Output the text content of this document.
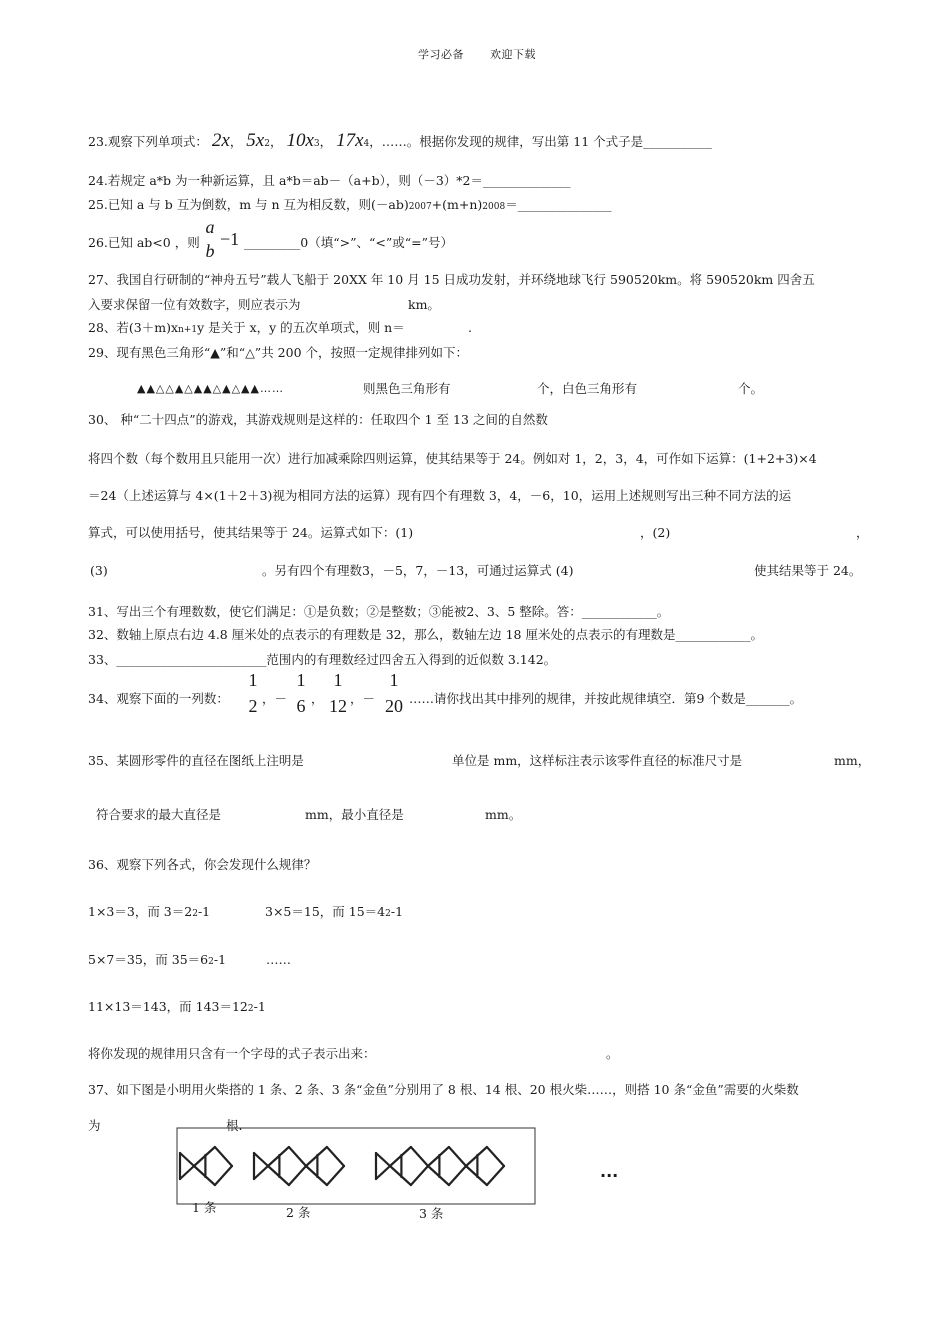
学习必备 欢迎下载
23.观察下列单项式： 2x， 5x2， 10x3， 17x4，……。根据你发现的规律，写出第 11 个式子是___________
24.若规定 a*b 为一种新运算，且 a*b＝ab－（a+b），则（－3）*2＝______________
25.已知 a 与 b 互为倒数，m 与 n 互为相反数，则(－ab)2007+(m+n)2008＝_______________
26.已知 ab<0 ，则
a
b
−1 _________0（填“>”、“<”或“=”号）
27、我国自行研制的“神舟五号”载人飞船于 20XX 年 10 月 15 日成功发射，并环绕地球飞行 590520km。将 590520km 四舍五
入要求保留一位有效数字，则应表示为	km。
28、若(3＋m)xn+1y 是关于 x，y 的五次单项式，则 n＝	.
29、现有黑色三角形“▲”和“△”共 200 个，按照一定规律排列如下：
▲▲△△▲△▲▲△▲△▲▲……	则黑色三角形有	个，白色三角形有	个。
30、 种“二十四点”的游戏，其游戏规则是这样的：任取四个 1 至 13 之间的自然数
将四个数（每个数用且只能用一次）进行加减乘除四则运算，使其结果等于 24。例如对 1，2，3，4，可作如下运算：(1+2+3)×4
＝24（上述运算与 4×(1＋2＋3)视为相同方法的运算）现有四个有理数 3，4，－6，10，运用上述规则写出三种不同方法的运
算式，可以使用括号，使其结果等于 24。运算式如下：(1)	，(2)	，
(3)	。另有四个有理数3，－5，7，－13，可通过运算式 (4)	使其结果等于 24。
31、写出三个有理数数，使它们满足：①是负数；②是整数；③能被2、3、5 整除。答：____________。
32、数轴上原点右边 4.8 厘米处的点表示的有理数是 32，那么，数轴左边 18 厘米处的点表示的有理数是____________。
33、________________________范围内的有理数经过四舍五入得到的近似数 3.142。
34、观察下面的一列数：
1
2 ，－
1
6 ，
1
12 ，－
1
20 ……请你找出其中排列的规律，并按此规律填空．第9 个数是_______。
35、某圆形零件的直径在图纸上注明是	单位是 mm，这样标注表示该零件直径的标准尺寸是	mm，
符合要求的最大直径是	mm，最小直径是	mm。
36、观察下列各式，你会发现什么规律？
1×3＝3，而 3＝22-1	3×5＝15，而 15＝42-1
5×7＝35，而 35＝62-1	……
11×13＝143，而 143＝122-1
将你发现的规律用只含有一个字母的式子表示出来：	。
37、如下图是小明用火柴搭的 1 条、2 条、3 条“金鱼”分别用了 8 根、14 根、20 根火柴……，则搭 10 条“金鱼”需要的火柴数
为	根.
1 条	2 条	3 条
...
